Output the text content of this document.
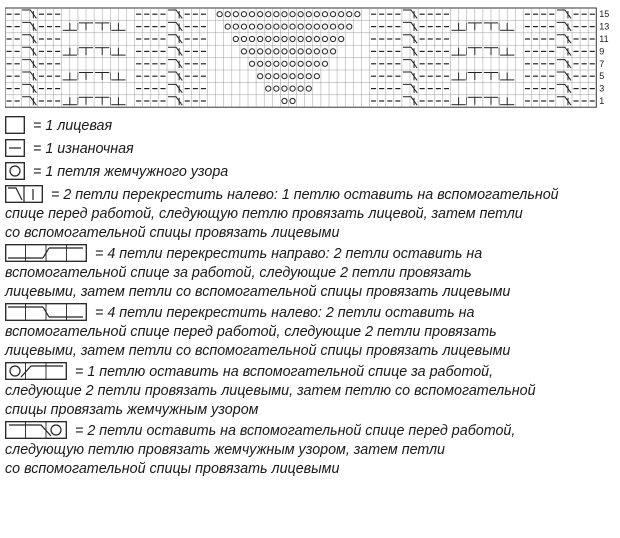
15
13
11
9
7
5
3
1
= 1 лицевая
= 1 изнаночная
= 1 петля жемчужного узора
= 2 петли перекрестить налево: 1 петлю оставить на вспомогательной
спице перед работой, следующую петлю провязать лицевой, затем петли
со вспомогательной спицы провязать лицевыми
= 4 петли перекрестить направо: 2 петли оставить на
вспомогательной спице за работой, следующие 2 петли провязать
лицевыми, затем петли со вспомогательной спицы провязать лицевыми
= 4 петли перекрестить налево: 2 петли оставить на
вспомогательной спице перед работой, следующие 2 петли провязать
лицевыми, затем петли со вспомогательной спицы провязать лицевыми
= 1 петлю оставить на вспомогательной спице за работой,
следующие 2 петли провязать лицевыми, затем петлю со вспомогательной
спицы провязать жемчужным узором
= 2 петли оставить на вспомогательной спице перед работой,
следующую петлю провязать жемчужным узором, затем петли
со вспомогательной спицы провязать лицевыми
